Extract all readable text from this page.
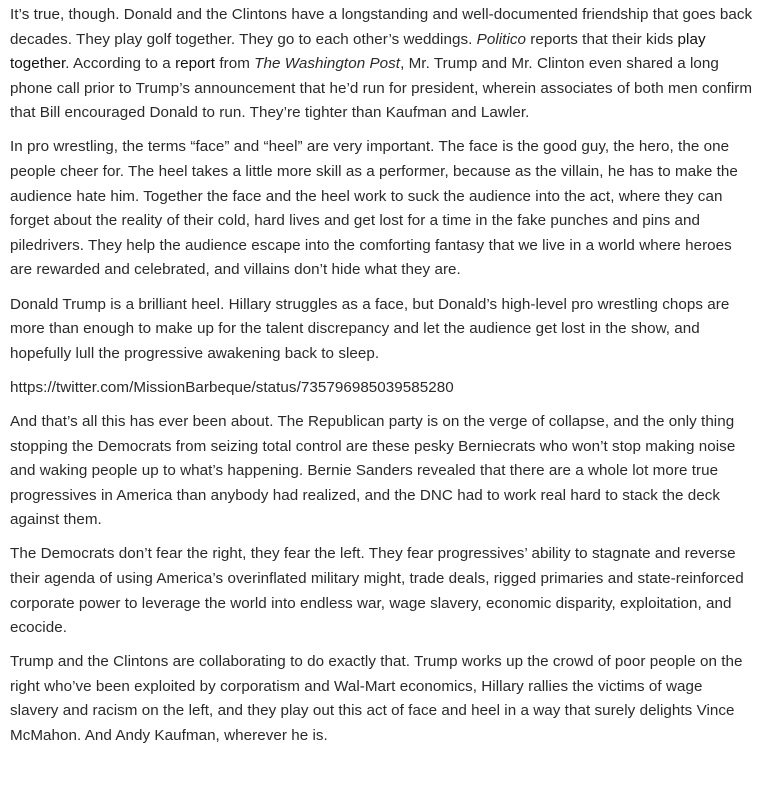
It’s true, though. Donald and the Clintons have a longstanding and well-documented friendship that goes back decades. They play golf together. They go to each other’s weddings. Politico reports that their kids play together. According to a report from The Washington Post, Mr. Trump and Mr. Clinton even shared a long phone call prior to Trump’s announcement that he’d run for president, wherein associates of both men confirm that Bill encouraged Donald to run. They’re tighter than Kaufman and Lawler.

In pro wrestling, the terms “face” and “heel” are very important. The face is the good guy, the hero, the one people cheer for. The heel takes a little more skill as a performer, because as the villain, he has to make the audience hate him. Together the face and the heel work to suck the audience into the act, where they can forget about the reality of their cold, hard lives and get lost for a time in the fake punches and pins and piledrivers. They help the audience escape into the comforting fantasy that we live in a world where heroes are rewarded and celebrated, and villains don’t hide what they are.

Donald Trump is a brilliant heel. Hillary struggles as a face, but Donald’s high-level pro wrestling chops are more than enough to make up for the talent discrepancy and let the audience get lost in the show, and hopefully lull the progressive awakening back to sleep.

https://twitter.com/MissionBarbeque/status/735796985039585280

And that’s all this has ever been about. The Republican party is on the verge of collapse, and the only thing stopping the Democrats from seizing total control are these pesky Berniecrats who won’t stop making noise and waking people up to what’s happening. Bernie Sanders revealed that there are a whole lot more true progressives in America than anybody had realized, and the DNC had to work real hard to stack the deck against them.

The Democrats don’t fear the right, they fear the left. They fear progressives’ ability to stagnate and reverse their agenda of using America’s overinflated military might, trade deals, rigged primaries and state-reinforced corporate power to leverage the world into endless war, wage slavery, economic disparity, exploitation, and ecocide.

Trump and the Clintons are collaborating to do exactly that. Trump works up the crowd of poor people on the right who’ve been exploited by corporatism and Wal-Mart economics, Hillary rallies the victims of wage slavery and racism on the left, and they play out this act of face and heel in a way that surely delights Vince McMahon. And Andy Kaufman, wherever he is.
